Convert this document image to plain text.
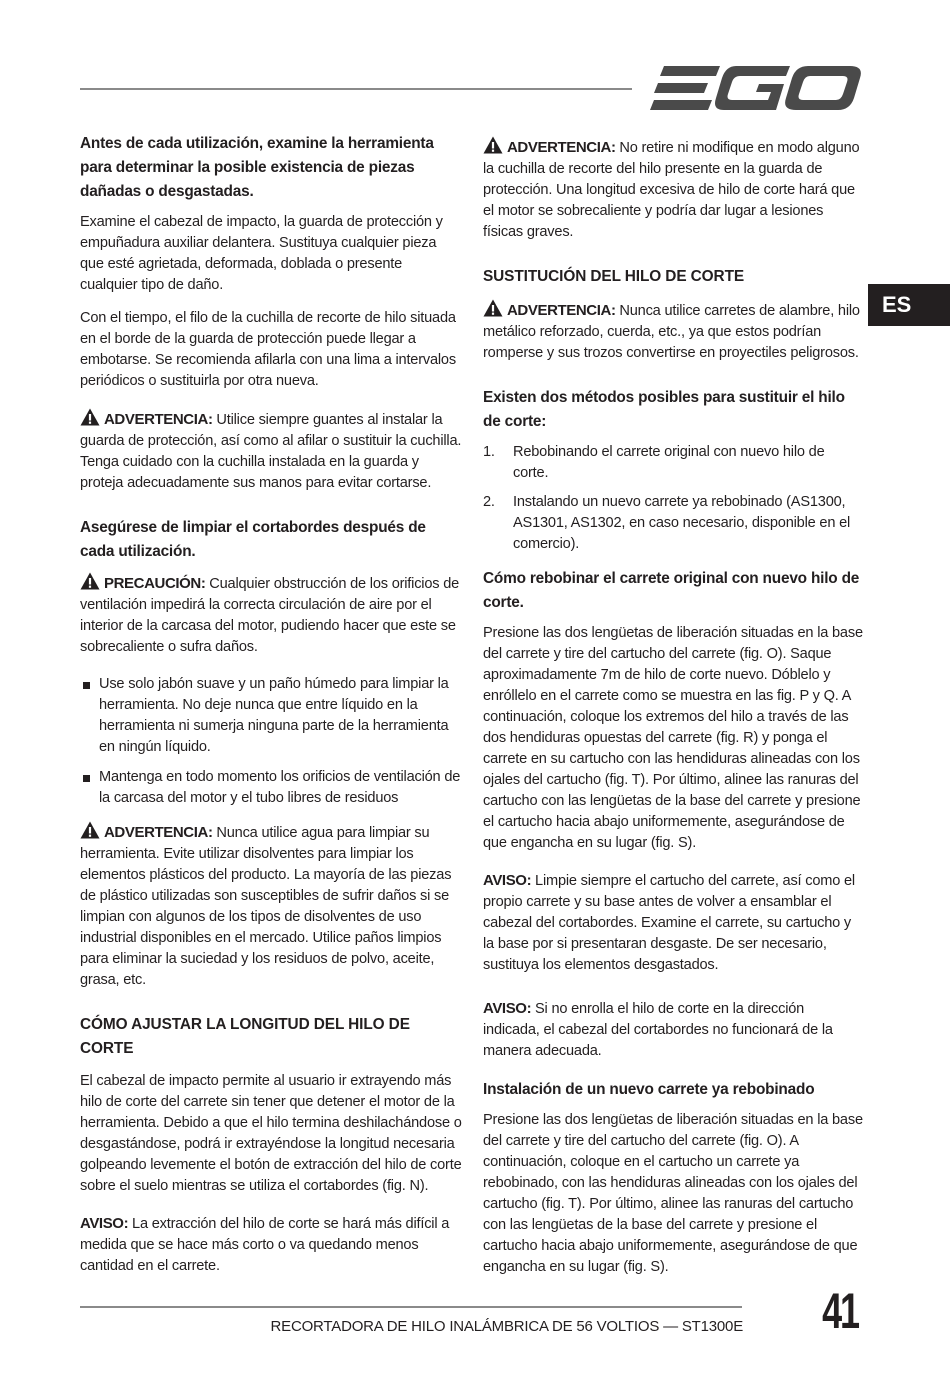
ES
Antes de cada utilización, examine la herramienta para determinar la posible existencia de piezas dañadas o desgastadas.

Examine el cabezal de impacto, la guarda de protección y empuñadura auxiliar delantera. Sustituya cualquier pieza que esté agrietada, deformada, doblada o presente cualquier tipo de daño.

Con el tiempo, el filo de la cuchilla de recorte de hilo situada en el borde de la guarda de protección puede llegar a embotarse. Se recomienda afilarla con una lima a intervalos periódicos o sustituirla por otra nueva.

ADVERTENCIA: Utilice siempre guantes al instalar la guarda de protección, así como al afilar o sustituir la cuchilla. Tenga cuidado con la cuchilla instalada en la guarda y proteja adecuadamente sus manos para evitar cortarse.

Asegúrese de limpiar el cortabordes después de cada utilización.

PRECAUCIÓN: Cualquier obstrucción de los orificios de ventilación impedirá la correcta circulación de aire por el interior de la carcasa del motor, pudiendo hacer que este se sobrecaliente o sufra daños.

Use solo jabón suave y un paño húmedo para limpiar la herramienta. No deje nunca que entre líquido en la herramienta ni sumerja ninguna parte de la herramienta en ningún líquido.
Mantenga en todo momento los orificios de ventilación de la carcasa del motor y el tubo libres de residuos

ADVERTENCIA: Nunca utilice agua para limpiar su herramienta. Evite utilizar disolventes para limpiar los elementos plásticos del producto. La mayoría de las piezas de plástico utilizadas son susceptibles de sufrir daños si se limpian con algunos de los tipos de disolventes de uso industrial disponibles en el mercado. Utilice paños limpios para eliminar la suciedad y los residuos de polvo, aceite, grasa, etc.

CÓMO AJUSTAR LA LONGITUD DEL HILO DE CORTE

El cabezal de impacto permite al usuario ir extrayendo más hilo de corte del carrete sin tener que detener el motor de la herramienta. Debido a que el hilo termina deshilachándose o desgastándose, podrá ir extrayéndose la longitud necesaria golpeando levemente el botón de extracción del hilo de corte sobre el suelo mientras se utiliza el cortabordes (fig. N).

AVISO: La extracción del hilo de corte se hará más difícil a medida que se hace más corto o va quedando menos cantidad en el carrete.

ADVERTENCIA: No retire ni modifique en modo alguno la cuchilla de recorte del hilo presente en la guarda de protección. Una longitud excesiva de hilo de corte hará que el motor se sobrecaliente y podría dar lugar a lesiones físicas graves.

SUSTITUCIÓN DEL HILO DE CORTE

ADVERTENCIA: Nunca utilice carretes de alambre, hilo metálico reforzado, cuerda, etc., ya que estos podrían romperse y sus trozos convertirse en proyectiles peligrosos.

Existen dos métodos posibles para sustituir el hilo de corte:
1. Rebobinando el carrete original con nuevo hilo de corte.
2. Instalando un nuevo carrete ya rebobinado (AS1300, AS1301, AS1302, en caso necesario, disponible en el comercio).
Cómo rebobinar el carrete original con nuevo hilo de corte.

Presione las dos lengüetas de liberación situadas en la base del carrete y tire del cartucho del carrete (fig. O). Saque aproximadamente 7m de hilo de corte nuevo. Dóblelo y enróllelo en el carrete como se muestra en las fig. P y Q. A continuación, coloque los extremos del hilo a través de las dos hendiduras opuestas del carrete (fig. R) y ponga el carrete en su cartucho con las hendiduras alineadas con los ojales del cartucho (fig. T). Por último, alinee las ranuras del cartucho con las lengüetas de la base del carrete y presione el cartucho hacia abajo uniformemente, asegurándose de que engancha en su lugar (fig. S).

AVISO: Limpie siempre el cartucho del carrete, así como el propio carrete y su base antes de volver a ensamblar el cabezal del cortabordes. Examine el carrete, su cartucho y la base por si presentaran desgaste. De ser necesario, sustituya los elementos desgastados.

AVISO: Si no enrolla el hilo de corte en la dirección indicada, el cabezal del cortabordes no funcionará de la manera adecuada.

Instalación de un nuevo carrete ya rebobinado

Presione las dos lengüetas de liberación situadas en la base del carrete y tire del cartucho del carrete (fig. O). A continuación, coloque en el cartucho un carrete ya rebobinado, con las hendiduras alineadas con los ojales del cartucho (fig. T). Por último, alinee las ranuras del cartucho con las lengüetas de la base del carrete y presione el cartucho hacia abajo uniformemente, asegurándose de que engancha en su lugar (fig. S).

RECORTADORA DE HILO INALÁMBRICA DE 56 VOLTIOS — ST1300E 41
